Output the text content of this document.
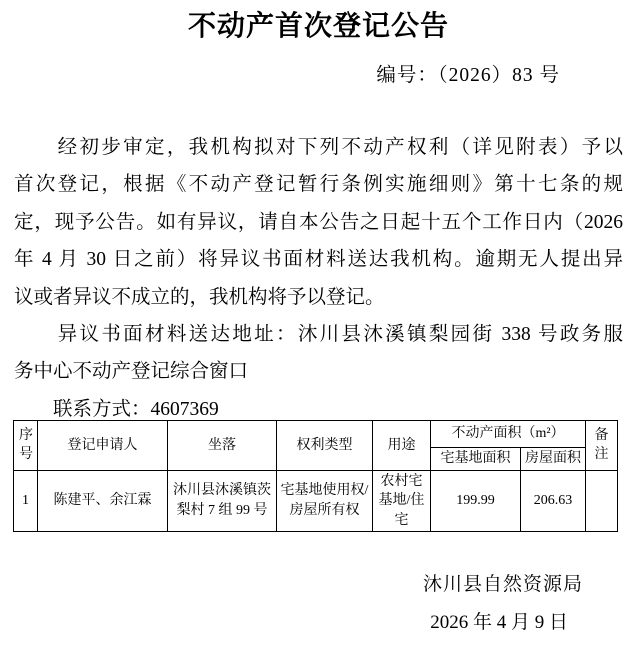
不动产首次登记公告
编号：（2026）83 号
　　经初步审定，我机构拟对下列不动产权利（详见附表）予以
首次登记，根据《不动产登记暂行条例实施细则》第十七条的规
定，现予公告。如有异议，请自本公告之日起十五个工作日内（2026
年 4 月 30 日之前）将异议书面材料送达我机构。逾期无人提出异
议或者异议不成立的，我机构将予以登记。
　　异议书面材料送达地址：沐川县沐溪镇梨园街 338 号政务服
务中心不动产登记综合窗口
　　联系方式：4607369
序号	登记申请人	坐落	权利类型	用途	不动产面积（m²）		备注
					宅基地面积	房屋面积	
1	陈建平、余江霖	沐川县沐溪镇茨梨村 7 组 99 号	宅基地使用权/房屋所有权	农村宅基地/住宅	199.99	206.63	
沐川县自然资源局
2026 年 4 月 9 日
